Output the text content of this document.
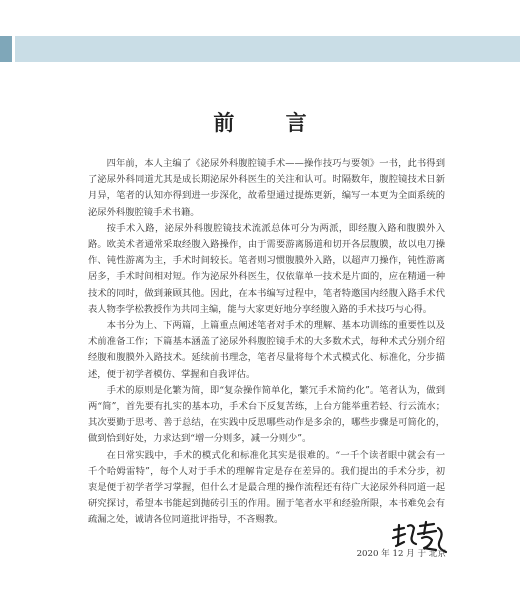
前 言

四年前，本人主编了《泌尿外科腹腔镜手术——操作技巧与要领》一书，此书得到了泌尿外科同道尤其是成长期泌尿外科医生的关注和认可。时隔数年，腹腔镜技术日新月异，笔者的认知亦得到进一步深化，故希望通过提炼更新，编写一本更为全面系统的泌尿外科腹腔镜手术书籍。

按手术入路，泌尿外科腹腔镜技术流派总体可分为两派，即经腹入路和腹膜外入路。欧美术者通常采取经腹入路操作，由于需要游离肠道和切开各层腹膜，故以电刀操作、钝性游离为主，手术时间较长。笔者则习惯腹膜外入路，以超声刀操作，钝性游离居多，手术时间相对短。作为泌尿外科医生，仅依靠单一技术是片面的，应在精通一种技术的同时，做到兼顾其他。因此，在本书编写过程中，笔者特邀国内经腹入路手术代表人物李学松教授作为共同主编，能与大家更好地分享经腹入路的手术技巧与心得。

本书分为上、下两篇，上篇重点阐述笔者对手术的理解、基本功训练的重要性以及术前准备工作；下篇基本涵盖了泌尿外科腹腔镜手术的大多数术式，每种术式分别介绍经腹和腹膜外入路技术。延续前书理念，笔者尽量将每个术式模式化、标准化，分步描述，便于初学者模仿、掌握和自我评估。

手术的原则是化繁为简，即“复杂操作简单化，繁冗手术简约化”。笔者认为，做到两“简”，首先要有扎实的基本功，手术台下反复苦练，上台方能举重若轻、行云流水；其次要勤于思考、善于总结，在实践中反思哪些动作是多余的，哪些步骤是可简化的，做到恰到好处，力求达到“增一分则多，减一分则少”。

在日常实践中，手术的模式化和标准化其实是很难的。“一千个读者眼中就会有一千个哈姆雷特”，每个人对于手术的理解肯定是存在差异的。我们提出的手术分步，初衷是便于初学者学习掌握，但什么才是最合理的操作流程还有待广大泌尿外科同道一起研究探讨，希望本书能起到抛砖引玉的作用。囿于笔者水平和经验所限，本书难免会有疏漏之处，诚请各位同道批评指导，不吝赐教。

2020 年 12 月 于 北京
